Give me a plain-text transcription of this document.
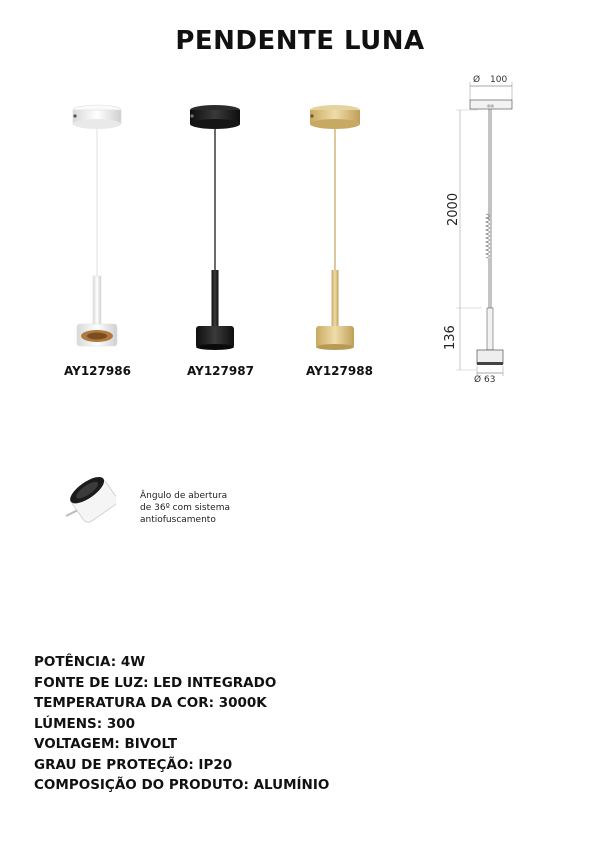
PENDENTE LUNA
AY127986	AY127987	AY127988
Ø 100
◎◎
2000
136
Ø 63
Ângulo de abertura
de 36º com sistema
antiofuscamento
POTÊNCIA: 4W
FONTE DE LUZ: LED INTEGRADO
TEMPERATURA DA COR: 3000K
LÚMENS: 300
VOLTAGEM: BIVOLT
GRAU DE PROTEÇÃO: IP20
COMPOSIÇÃO DO PRODUTO: ALUMÍNIO
